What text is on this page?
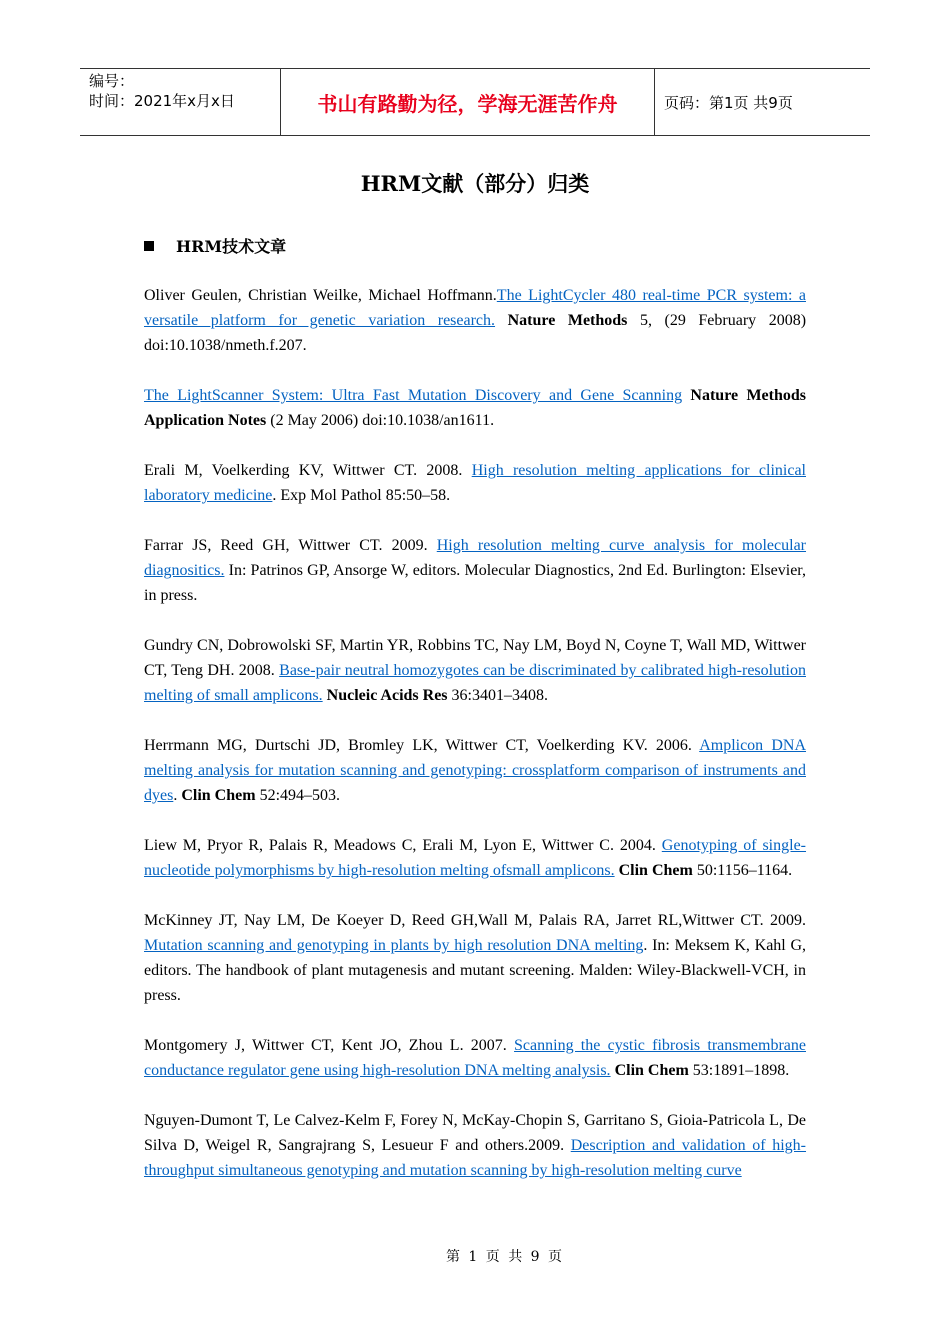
编号：
时间：2021年x月x日	书山有路勤为径，学海无涯苦作舟	页码：第1页 共9页
HRM文献（部分）归类
HRM技术文章

Oliver Geulen, Christian Weilke, Michael Hoffmann.The LightCycler 480 real-time PCR system: a versatile platform for genetic variation research. Nature Methods 5, (29 February 2008) doi:10.1038/nmeth.f.207.

The LightScanner System: Ultra Fast Mutation Discovery and Gene Scanning Nature Methods Application Notes (2 May 2006) doi:10.1038/an1611.

Erali M, Voelkerding KV, Wittwer CT. 2008. High resolution melting applications for clinical laboratory medicine. Exp Mol Pathol 85:50–58.

Farrar JS, Reed GH, Wittwer CT. 2009. High resolution melting curve analysis for molecular diagnositics. In: Patrinos GP, Ansorge W, editors. Molecular Diagnostics, 2nd Ed. Burlington: Elsevier, in press.

Gundry CN, Dobrowolski SF, Martin YR, Robbins TC, Nay LM, Boyd N, Coyne T, Wall MD, Wittwer CT, Teng DH. 2008. Base-pair neutral homozygotes can be discriminated by calibrated high-resolution melting of small amplicons. Nucleic Acids Res 36:3401–3408.

Herrmann MG, Durtschi JD, Bromley LK, Wittwer CT, Voelkerding KV. 2006. Amplicon DNA melting analysis for mutation scanning and genotyping: crossplatform comparison of instruments and dyes. Clin Chem 52:494–503.

Liew M, Pryor R, Palais R, Meadows C, Erali M, Lyon E, Wittwer C. 2004. Genotyping of single-nucleotide polymorphisms by high-resolution melting ofsmall amplicons. Clin Chem 50:1156–1164.

McKinney JT, Nay LM, De Koeyer D, Reed GH,Wall M, Palais RA, Jarret RL,Wittwer CT. 2009. Mutation scanning and genotyping in plants by high resolution DNA melting. In: Meksem K, Kahl G, editors. The handbook of plant mutagenesis and mutant screening. Malden: Wiley-Blackwell-VCH, in press.

Montgomery J, Wittwer CT, Kent JO, Zhou L. 2007. Scanning the cystic fibrosis transmembrane conductance regulator gene using high-resolution DNA melting analysis. Clin Chem 53:1891–1898.

Nguyen-Dumont T, Le Calvez-Kelm F, Forey N, McKay-Chopin S, Garritano S, Gioia-Patricola L, De Silva D, Weigel R, Sangrajrang S, Lesueur F and others.2009. Description and validation of high-throughput simultaneous genotyping and mutation scanning by high-resolution melting curve

第 1 页 共 9 页
